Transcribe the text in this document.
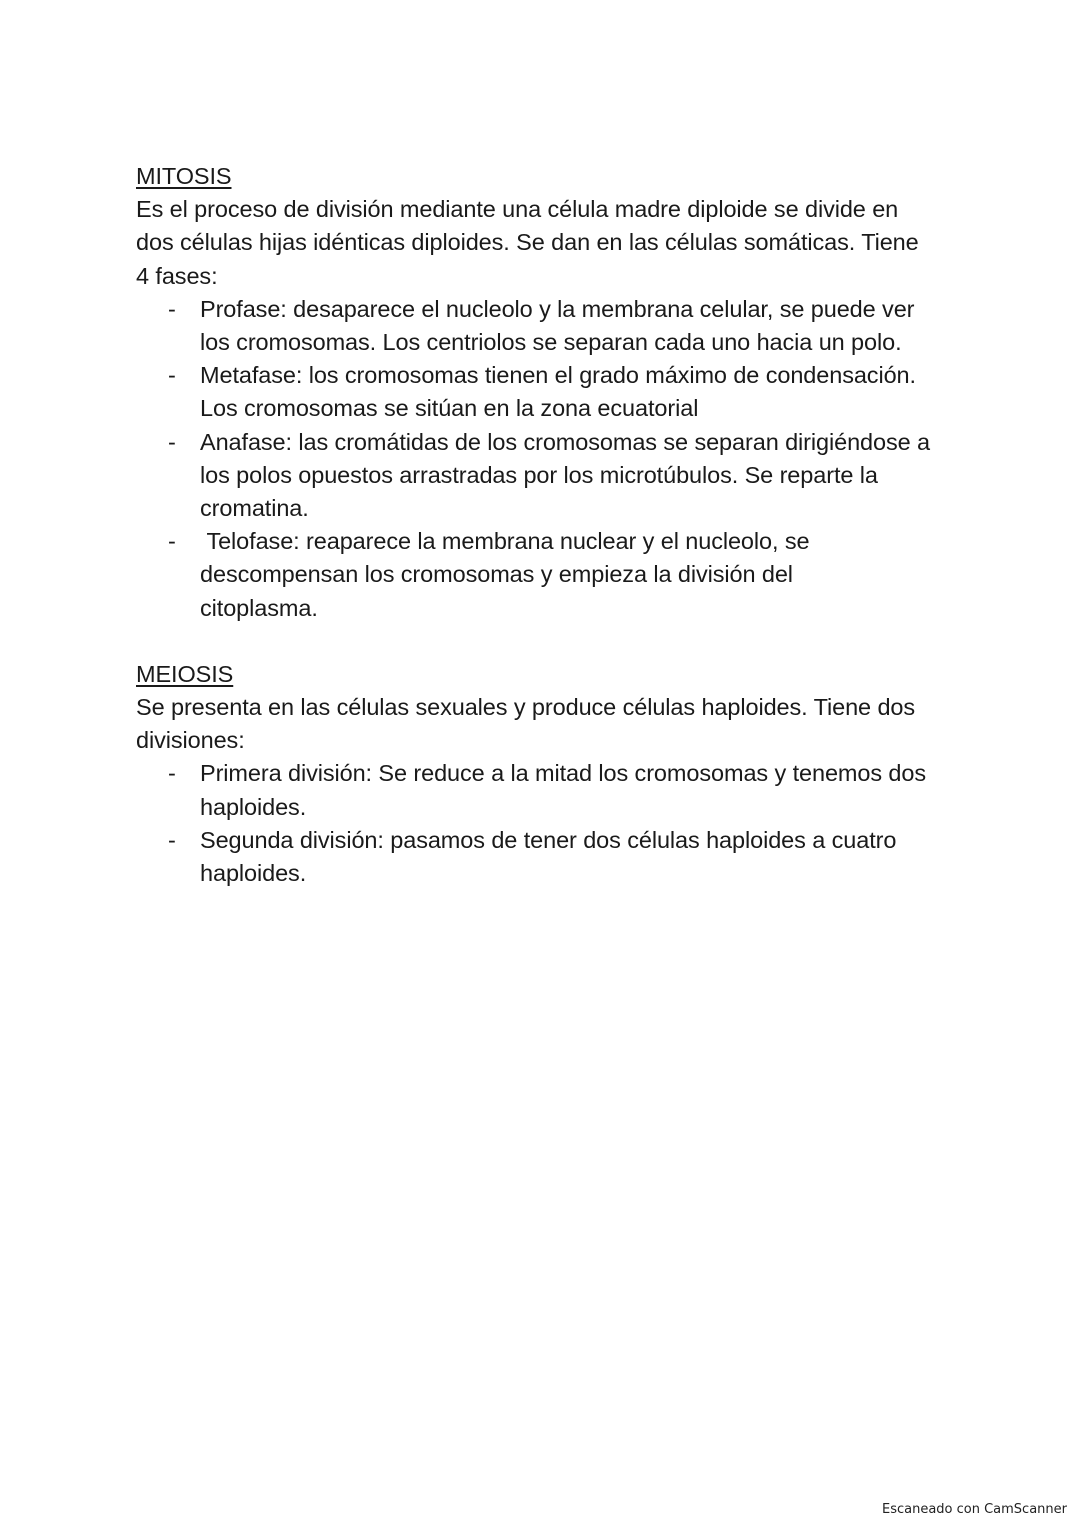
MITOSIS

Es el proceso de división mediante una célula madre diploide se divide en dos células hijas idénticas diploides. Se dan en las células somáticas. Tiene 4 fases:

- Profase: desaparece el nucleolo y la membrana celular, se puede ver los cromosomas. Los centriolos se separan cada uno hacia un polo.
- Metafase: los cromosomas tienen el grado máximo de condensación. Los cromosomas se sitúan en la zona ecuatorial
- Anafase: las cromátidas de los cromosomas se separan dirigiéndose a los polos opuestos arrastradas por los microtúbulos. Se reparte la cromatina.
- Telofase: reaparece la membrana nuclear y el nucleolo, se descompensan los cromosomas y empieza la división del citoplasma.
MEIOSIS

Se presenta en las células sexuales y produce células haploides. Tiene dos divisiones:

- Primera división: Se reduce a la mitad los cromosomas y tenemos dos haploides.
- Segunda división: pasamos de tener dos células haploides a cuatro haploides.
Escaneado con CamScanner
